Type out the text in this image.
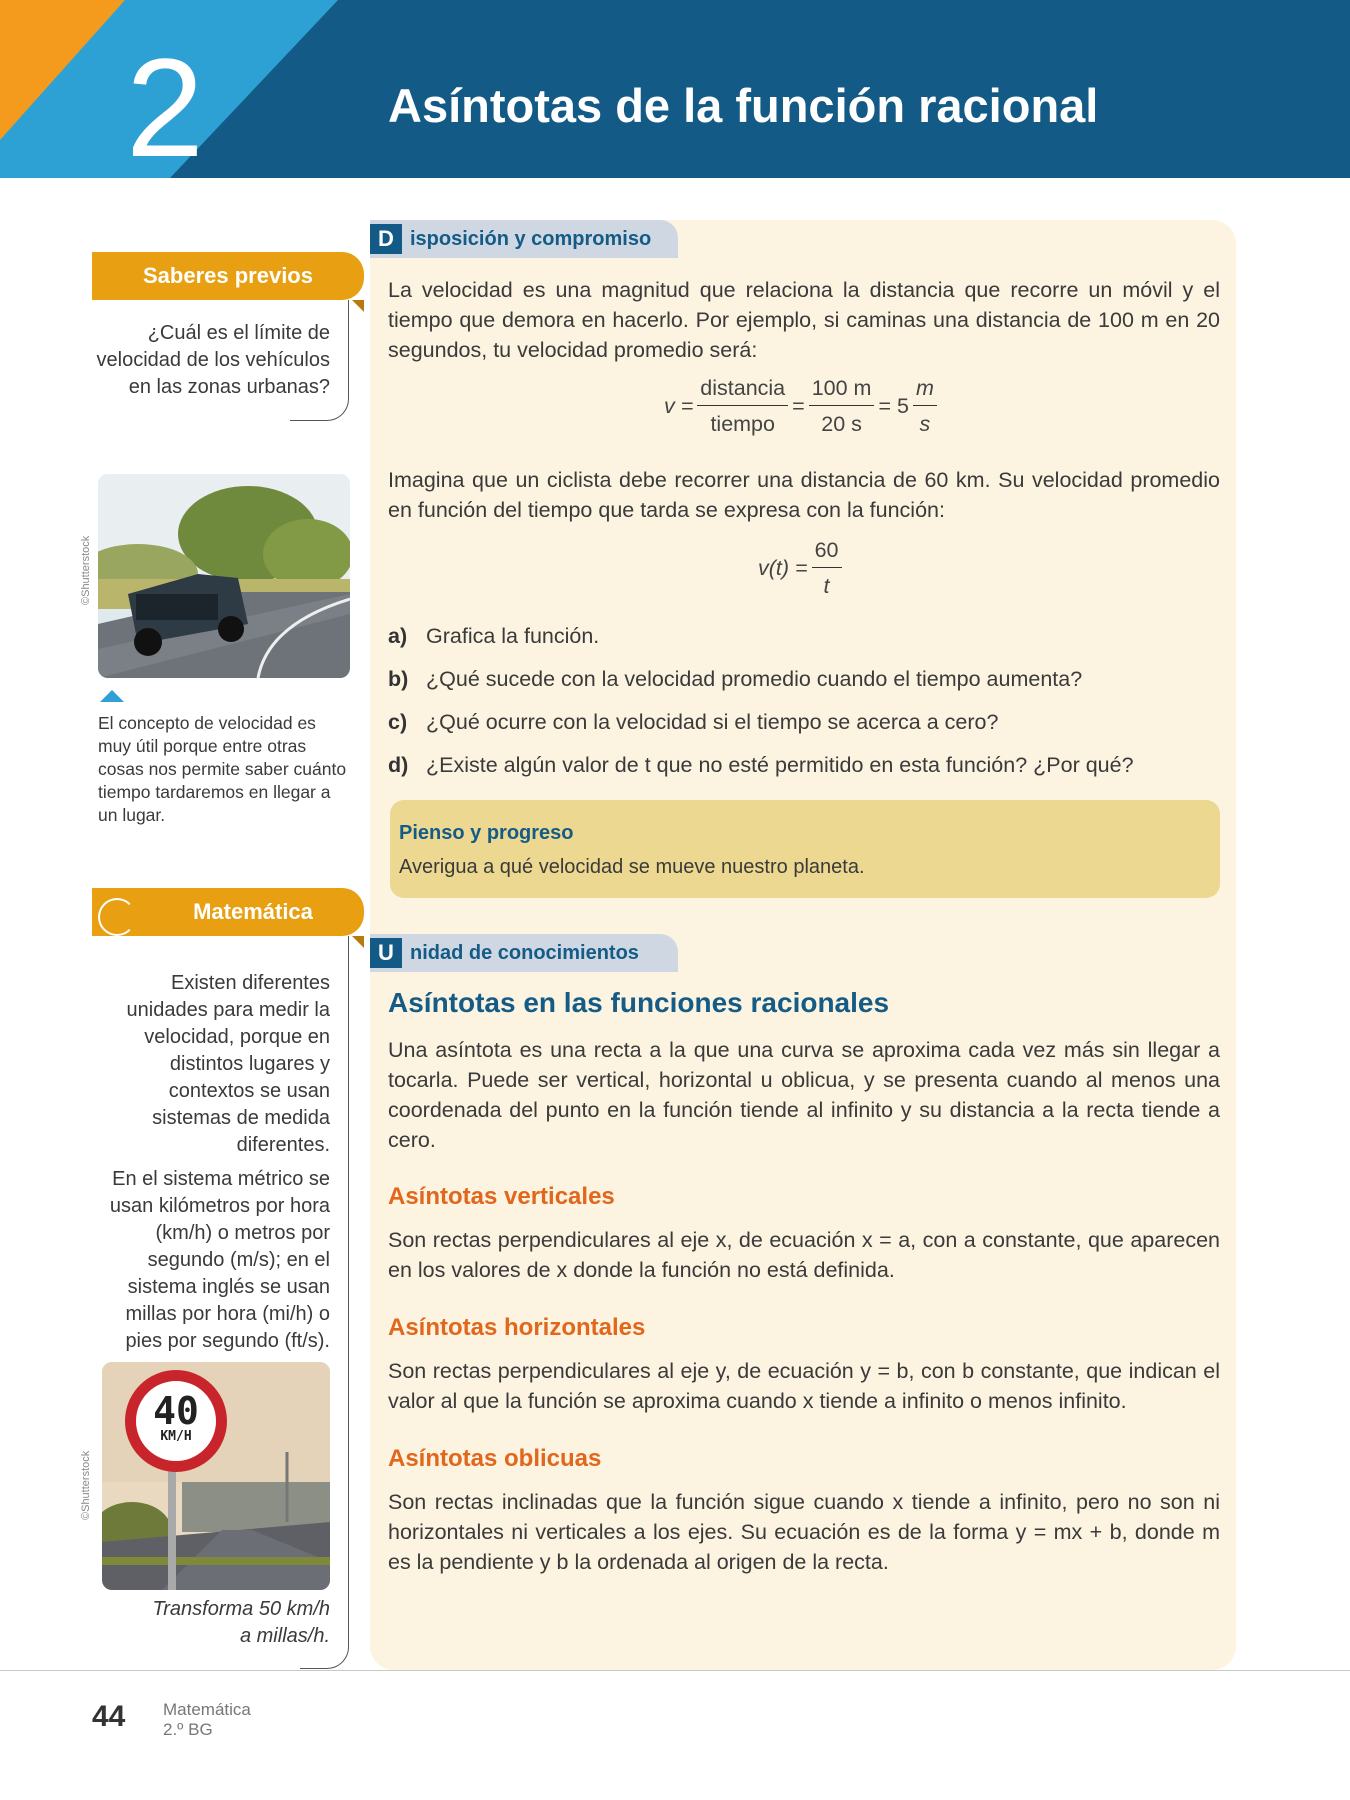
2	Asíntotas de la función racional
Saberes previos
¿Cuál es el límite de velocidad de los vehículos en las zonas urbanas?
©Shutterstock
El concepto de velocidad es muy útil porque entre otras cosas nos permite saber cuánto tiempo tardaremos en llegar a un lugar.
Matemática
Existen diferentes unidades para medir la velocidad, porque en distintos lugares y contextos se usan sistemas de medida diferentes.
En el sistema métrico se usan kilómetros por hora (km/h) o metros por segundo (m/s); en el sistema inglés se usan millas por hora (mi/h) o pies por segundo (ft/s).
40
KM/H
©Shutterstock
Transforma 50 km/h
a millas/h.
D isposición y compromiso
La velocidad es una magnitud que relaciona la distancia que recorre un móvil y el tiempo que demora en hacerlo. Por ejemplo, si caminas una distancia de 100 m en 20 segundos, tu velocidad promedio será:
$v = \frac{\text{distancia}}{\text{tiempo}} = \frac{100 m}{20 s} = 5 \frac{m}{s}$
Imagina que un ciclista debe recorrer una distancia de 60 km. Su velocidad promedio en función del tiempo que tarda se expresa con la función:
$v(t) = \frac{60}{t}$
a) Grafica la función.
b) ¿Qué sucede con la velocidad promedio cuando el tiempo aumenta?
c) ¿Qué ocurre con la velocidad si el tiempo se acerca a cero?
d) ¿Existe algún valor de t que no esté permitido en esta función? ¿Por qué?
Pienso y progreso
Averigua a qué velocidad se mueve nuestro planeta.
U nidad de conocimientos
Asíntotas en las funciones racionales
Una asíntota es una recta a la que una curva se aproxima cada vez más sin llegar a tocarla. Puede ser vertical, horizontal u oblicua, y se presenta cuando al menos una coordenada del punto en la función tiende al infinito y su distancia a la recta tiende a cero.
Asíntotas verticales
Son rectas perpendiculares al eje x, de ecuación x = a, con a constante, que aparecen en los valores de x donde la función no está definida.
Asíntotas horizontales
Son rectas perpendiculares al eje y, de ecuación y = b, con b constante, que indican el valor al que la función se aproxima cuando x tiende a infinito o menos infinito.
Asíntotas oblicuas
Son rectas inclinadas que la función sigue cuando x tiende a infinito, pero no son ni horizontales ni verticales a los ejes. Su ecuación es de la forma y = mx + b, donde m es la pendiente y b la ordenada al origen de la recta.
44 Matemática
2.º BG
